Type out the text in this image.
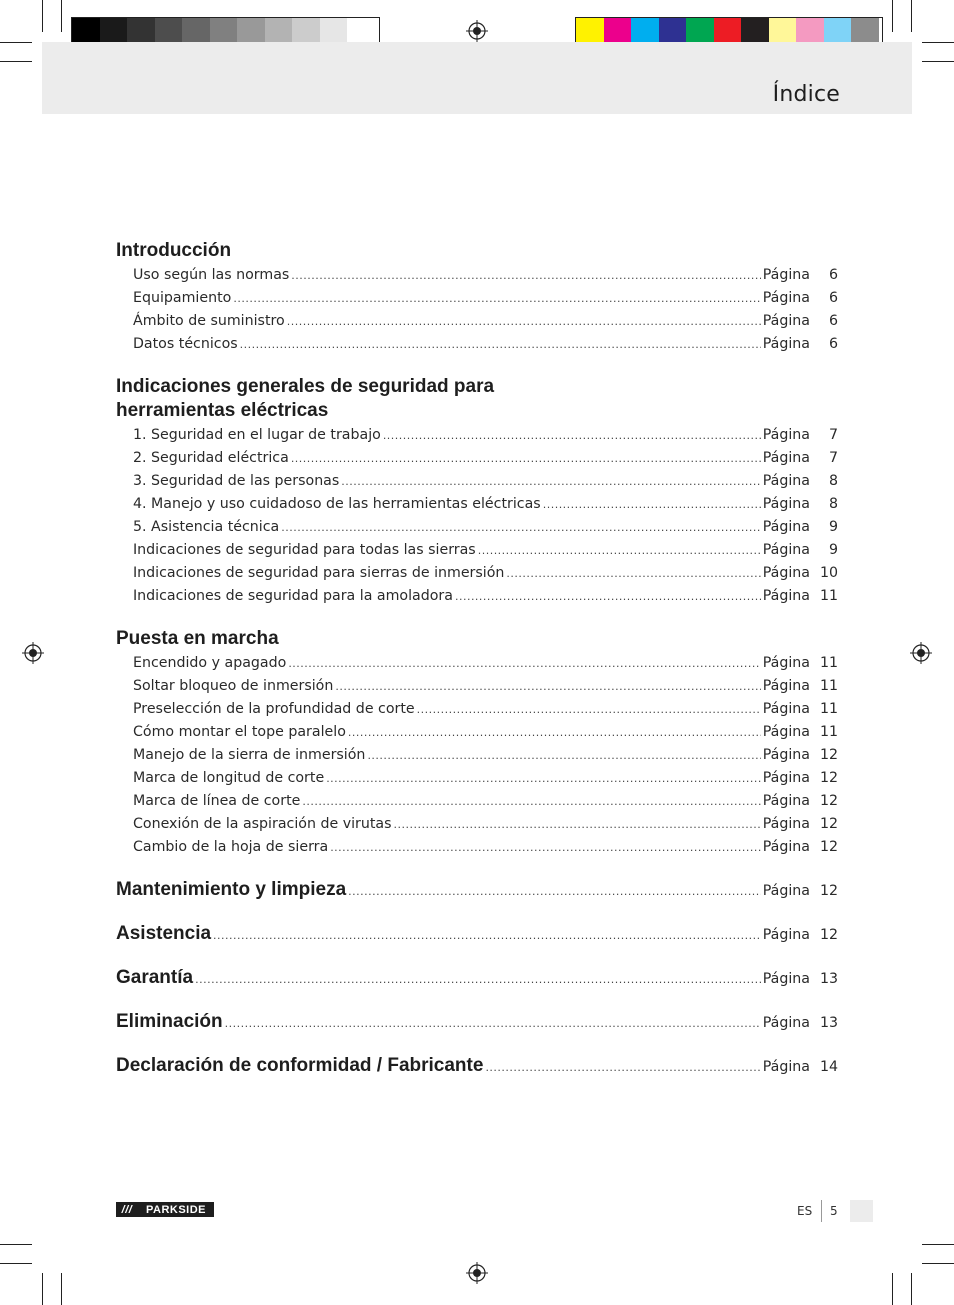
Índice
Introducción
Uso según las normas .....	Página	6
Equipamiento .....	Página	6
Ámbito de suministro .....	Página	6
Datos técnicos .....	Página	6
Indicaciones generales de seguridad para
herramientas eléctricas
1. Seguridad en el lugar de trabajo .....	Página	7
2. Seguridad eléctrica .....	Página	7
3. Seguridad de las personas .....	Página	8
4. Manejo y uso cuidadoso de las herramientas eléctricas .....	Página	8
5. Asistencia técnica .....	Página	9
Indicaciones de seguridad para todas las sierras .....	Página	9
Indicaciones de seguridad para sierras de inmersión .....	Página 10
Indicaciones de seguridad para la amoladora .....	Página 11
Puesta en marcha
Encendido y apagado .....	Página 11
Soltar bloqueo de inmersión .....	Página 11
Preselección de la profundidad de corte .....	Página 11
Cómo montar el tope paralelo .....	Página 11
Manejo de la sierra de inmersión .....	Página 12
Marca de longitud de corte .....	Página 12
Marca de línea de corte .....	Página 12
Conexión de la aspiración de virutas .....	Página 12
Cambio de la hoja de sierra .....	Página 12
Mantenimiento y limpieza .....	Página 12
Asistencia .....	Página 12
Garantía .....	Página 13
Eliminación .....	Página 13
Declaración de conformidad / Fabricante .....	Página 14
///	PARKSIDE	ES 5
